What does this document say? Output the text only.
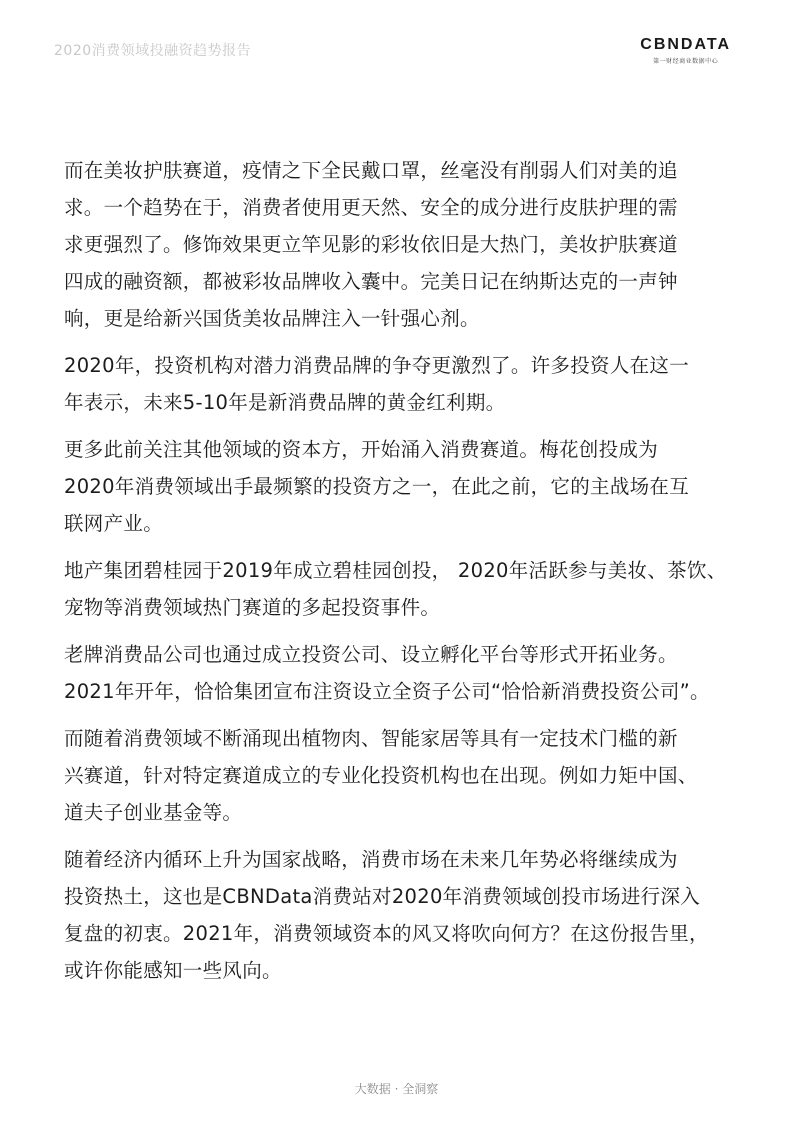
2020消费领域投融资趋势报告	CBNDATA
第一财经商业数据中心

而在美妆护肤赛道，疫情之下全民戴口罩，丝毫没有削弱人们对美的追
求。一个趋势在于，消费者使用更天然、安全的成分进行皮肤护理的需
求更强烈了。修饰效果更立竿见影的彩妆依旧是大热门，美妆护肤赛道
四成的融资额，都被彩妆品牌收入囊中。完美日记在纳斯达克的一声钟
响，更是给新兴国货美妆品牌注入一针强心剂。

2020年，投资机构对潜力消费品牌的争夺更激烈了。许多投资人在这一
年表示，未来5-10年是新消费品牌的黄金红利期。

更多此前关注其他领域的资本方，开始涌入消费赛道。梅花创投成为
2020年消费领域出手最频繁的投资方之一，在此之前，它的主战场在互
联网产业。

地产集团碧桂园于2019年成立碧桂园创投， 2020年活跃参与美妆、茶饮、
宠物等消费领域热门赛道的多起投资事件。

老牌消费品公司也通过成立投资公司、设立孵化平台等形式开拓业务。
2021年开年，恰恰集团宣布注资设立全资子公司“恰恰新消费投资公司”。

而随着消费领域不断涌现出植物肉、智能家居等具有一定技术门槛的新
兴赛道，针对特定赛道成立的专业化投资机构也在出现。例如力矩中国、
道夫子创业基金等。

随着经济内循环上升为国家战略，消费市场在未来几年势必将继续成为
投资热土，这也是CBNData消费站对2020年消费领域创投市场进行深入
复盘的初衷。2021年，消费领域资本的风又将吹向何方？在这份报告里，
或许你能感知一些风向。

大数据 · 全洞察
